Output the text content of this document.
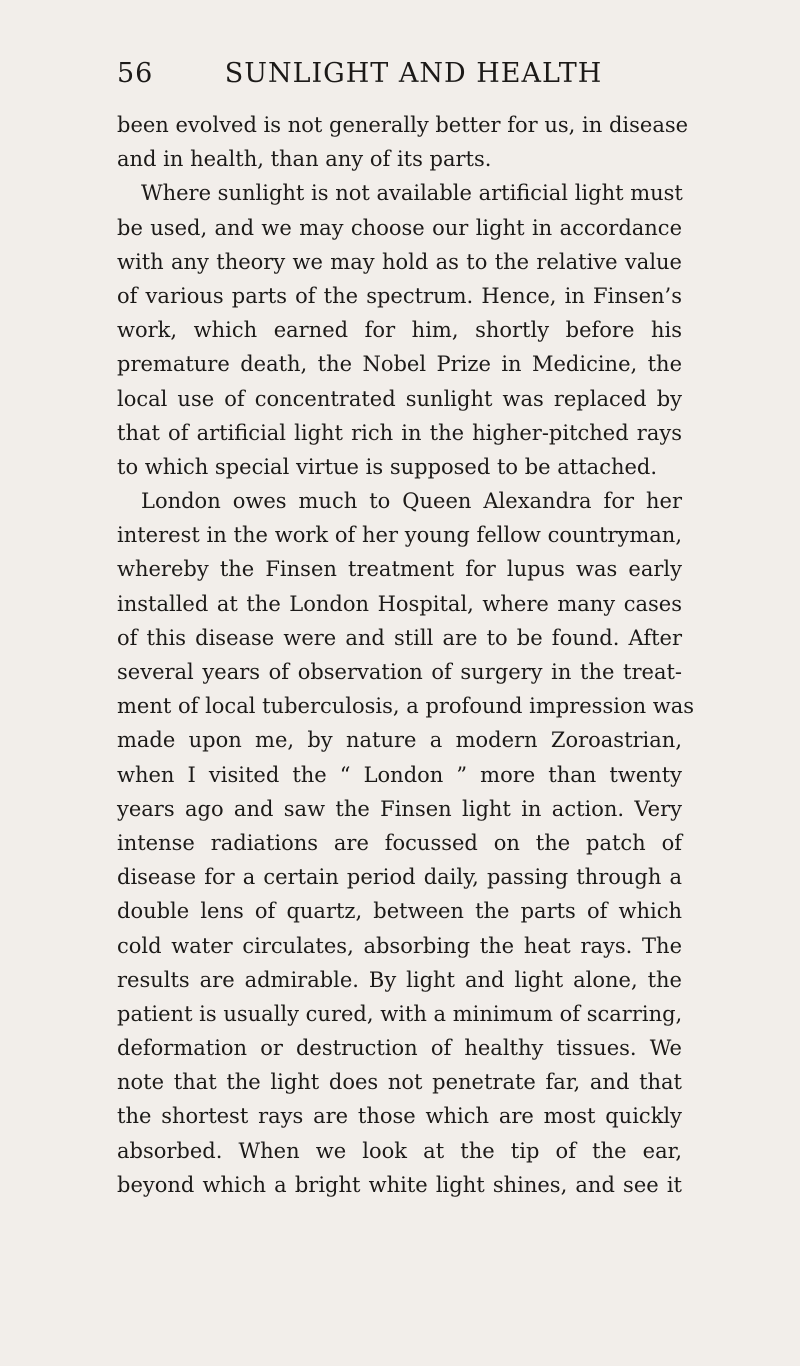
56	SUNLIGHT AND HEALTH
been evolved is not generally better for us, in disease
and in health, than any of its parts.
Where sunlight is not available artificial light must
be used, and we may choose our light in accordance
with any theory we may hold as to the relative value
of various parts of the spectrum. Hence, in Finsen’s
work, which earned for him, shortly before his
premature death, the Nobel Prize in Medicine, the
local use of concentrated sunlight was replaced by
that of artificial light rich in the higher-pitched rays
to which special virtue is supposed to be attached.
London owes much to Queen Alexandra for her
interest in the work of her young fellow countryman,
whereby the Finsen treatment for lupus was early
installed at the London Hospital, where many cases
of this disease were and still are to be found. After
several years of observation of surgery in the treat-
ment of local tuberculosis, a profound impression was
made upon me, by nature a modern Zoroastrian,
when I visited the “ London ” more than twenty
years ago and saw the Finsen light in action. Very
intense radiations are focussed on the patch of
disease for a certain period daily, passing through a
double lens of quartz, between the parts of which
cold water circulates, absorbing the heat rays. The
results are admirable. By light and light alone, the
patient is usually cured, with a minimum of scarring,
deformation or destruction of healthy tissues. We
note that the light does not penetrate far, and that
the shortest rays are those which are most quickly
absorbed. When we look at the tip of the ear,
beyond which a bright white light shines, and see it
